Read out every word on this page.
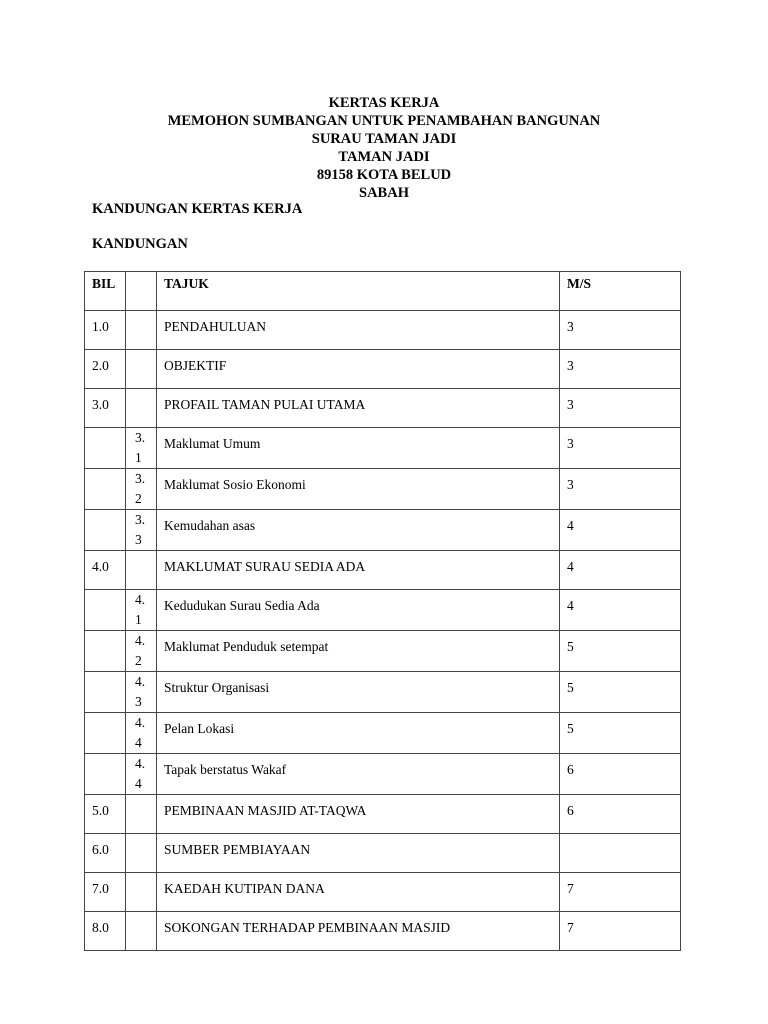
KERTAS KERJA
MEMOHON SUMBANGAN UNTUK PENAMBAHAN BANGUNAN
SURAU TAMAN JADI
TAMAN JADI
89158 KOTA BELUD
SABAH
KANDUNGAN KERTAS KERJA
KANDUNGAN
BIL		TAJUK	M/S

1.0		PENDAHULUAN	3

2.0		OBJEKTIF	3

3.0		PROFAIL TAMAN PULAI UTAMA	3

	3.1	Maklumat Umum	3

	3.2	Maklumat Sosio Ekonomi	3

	3.3	Kemudahan asas	4

4.0		MAKLUMAT SURAU SEDIA ADA	4

	4.1	Kedudukan Surau Sedia Ada	4

	4.2	Maklumat Penduduk setempat	5

	4.3	Struktur Organisasi	5

	4.4	Pelan Lokasi	5

	4.4	Tapak berstatus Wakaf	6

5.0		PEMBINAAN MASJID AT-TAQWA	6

6.0		SUMBER PEMBIAYAAN	

7.0		KAEDAH KUTIPAN DANA	7

8.0		SOKONGAN TERHADAP PEMBINAAN MASJID	7
